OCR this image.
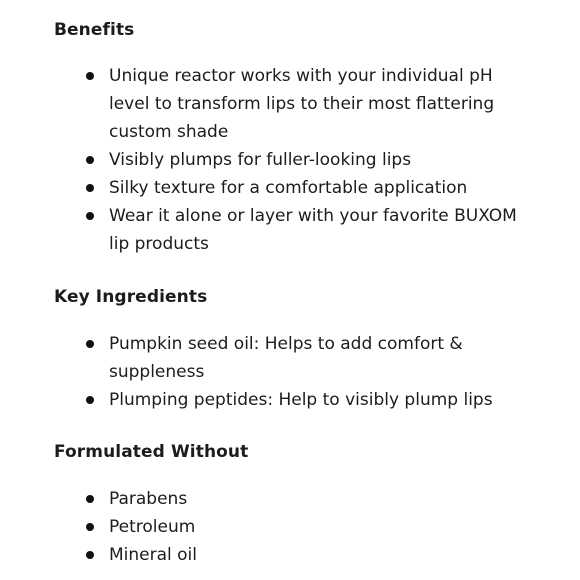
Benefits
Unique reactor works with your individual pH level to transform lips to their most flattering custom shade
Visibly plumps for fuller-looking lips
Silky texture for a comfortable application
Wear it alone or layer with your favorite BUXOM lip products
Key Ingredients
Pumpkin seed oil: Helps to add comfort & suppleness
Plumping peptides: Help to visibly plump lips
Formulated Without
Parabens
Petroleum
Mineral oil
